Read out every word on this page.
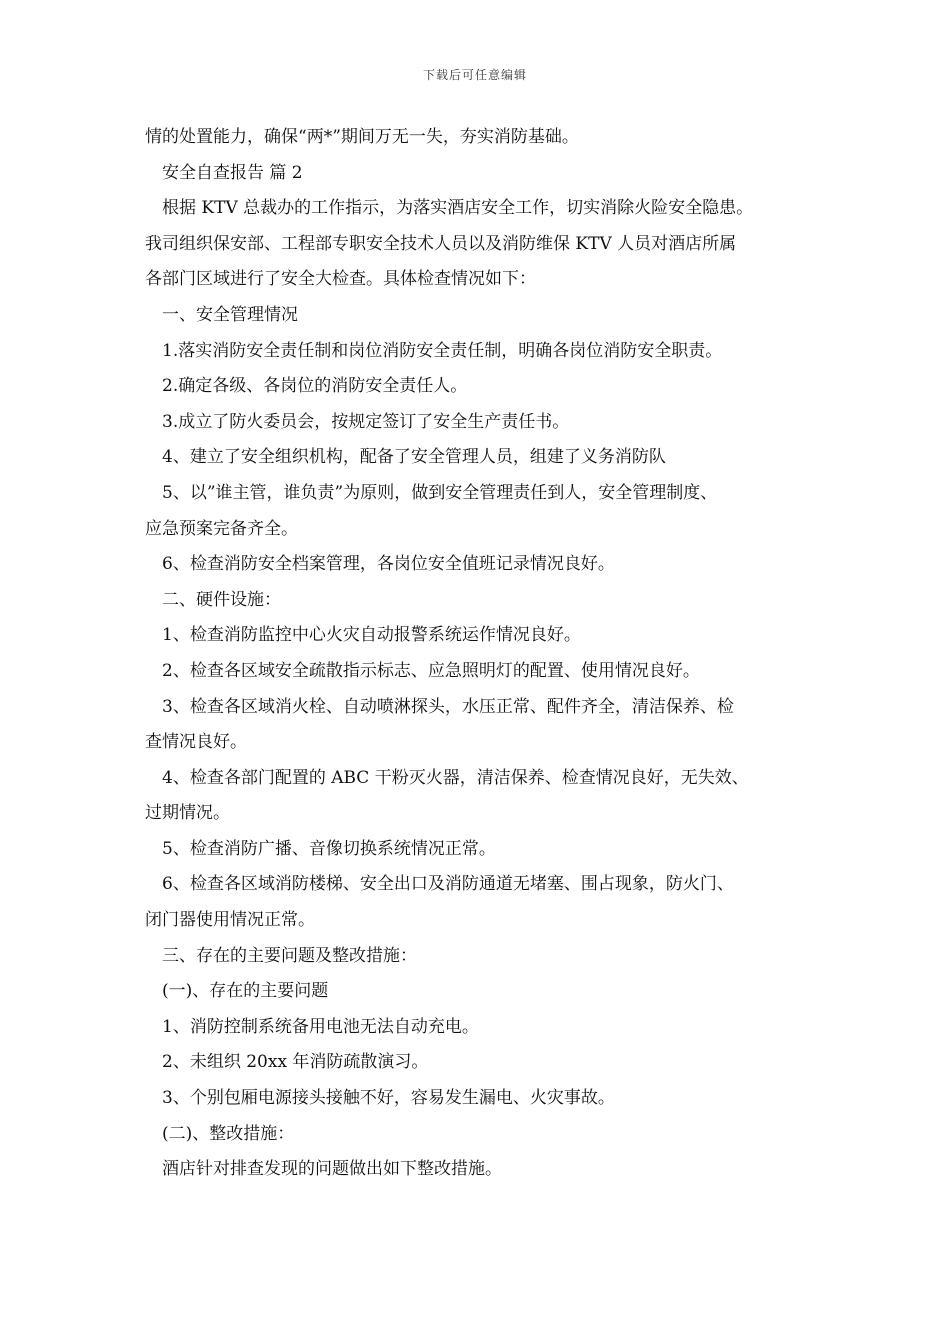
下载后可任意编辑
情的处置能力，确保“两*”期间万无一失，夯实消防基础。
安全自查报告 篇 2
根据 KTV 总裁办的工作指示，为落实酒店安全工作，切实消除火险安全隐患。
我司组织保安部、工程部专职安全技术人员以及消防维保 KTV 人员对酒店所属
各部门区域进行了安全大检查。具体检查情况如下：
一、安全管理情况
1.落实消防安全责任制和岗位消防安全责任制，明确各岗位消防安全职责。
2.确定各级、各岗位的消防安全责任人。
3.成立了防火委员会，按规定签订了安全生产责任书。
4、建立了安全组织机构，配备了安全管理人员，组建了义务消防队
5、以”谁主管，谁负责”为原则，做到安全管理责任到人，安全管理制度、
应急预案完备齐全。
6、检查消防安全档案管理，各岗位安全值班记录情况良好。
二、硬件设施：
1、检查消防监控中心火灾自动报警系统运作情况良好。
2、检查各区域安全疏散指示标志、应急照明灯的配置、使用情况良好。
3、检查各区域消火栓、自动喷淋探头，水压正常、配件齐全，清洁保养、检
查情况良好。
4、检查各部门配置的 ABC 干粉灭火器，清洁保养、检查情况良好，无失效、
过期情况。
5、检查消防广播、音像切换系统情况正常。
6、检查各区域消防楼梯、安全出口及消防通道无堵塞、围占现象，防火门、
闭门器使用情况正常。
三、存在的主要问题及整改措施：
(一)、存在的主要问题
1、消防控制系统备用电池无法自动充电。
2、未组织 20xx 年消防疏散演习。
3、个别包厢电源接头接触不好，容易发生漏电、火灾事故。
(二)、整改措施：
酒店针对排查发现的问题做出如下整改措施。
